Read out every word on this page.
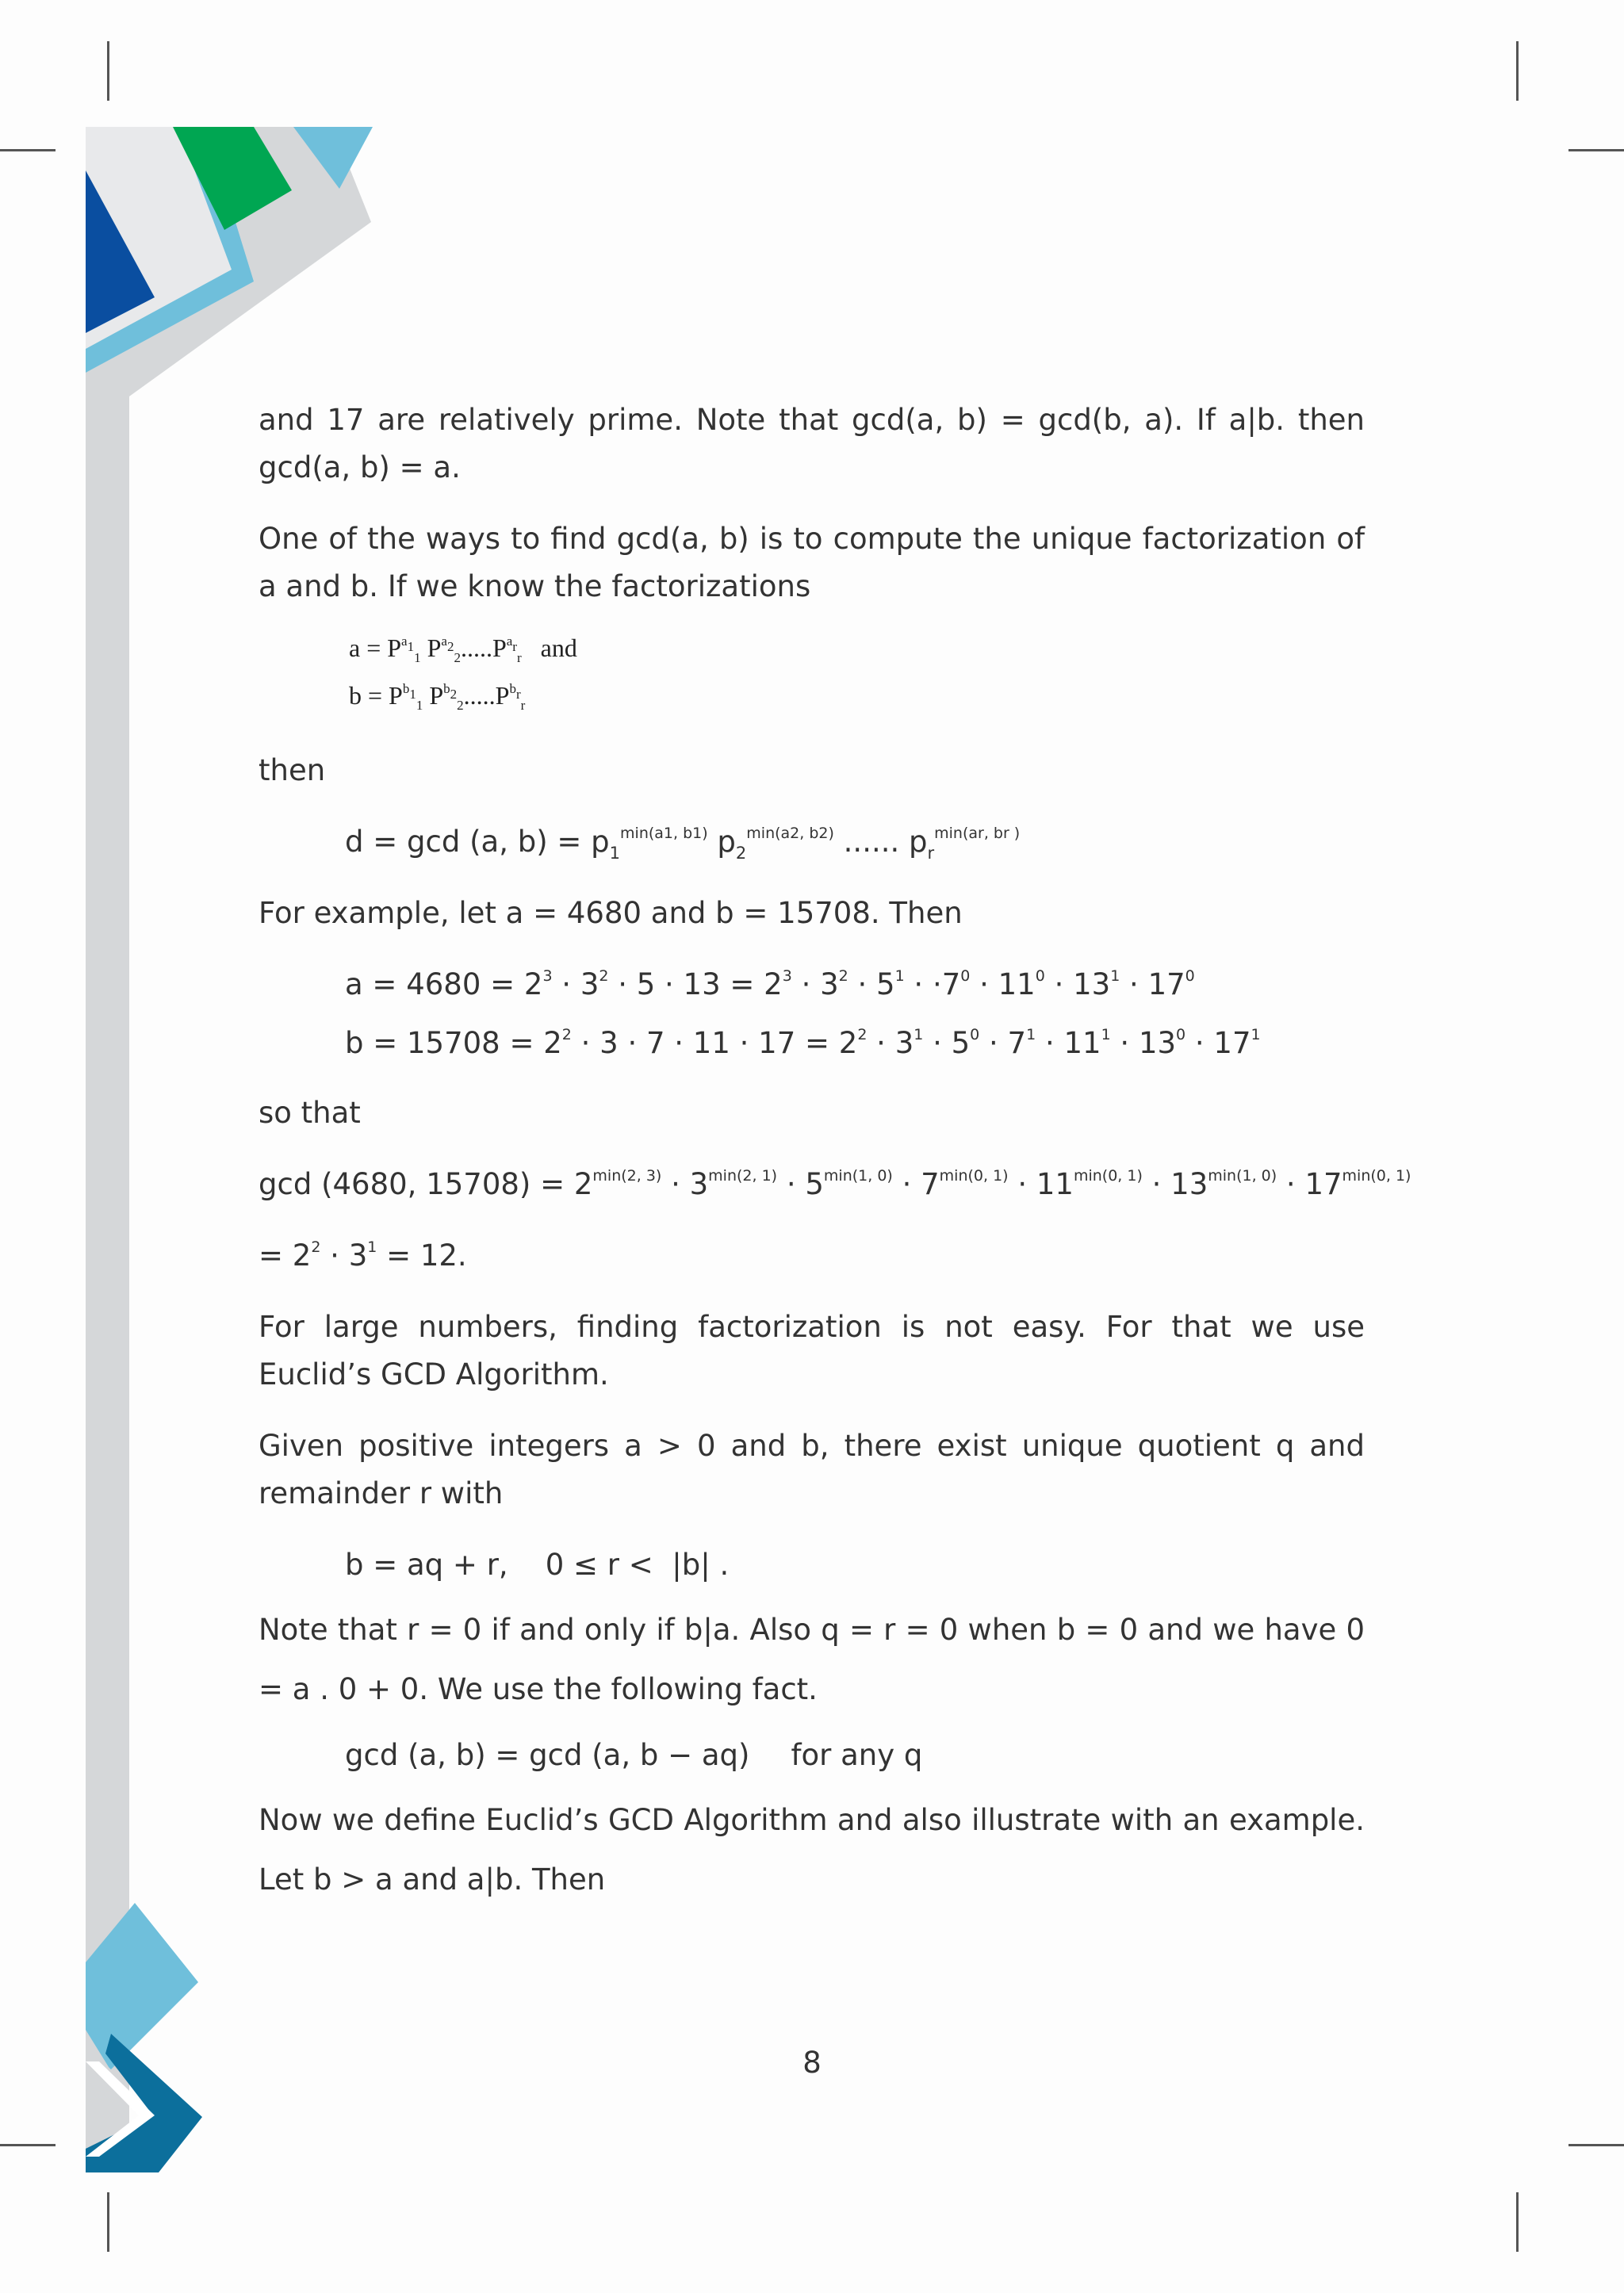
and 17 are relatively prime. Note that gcd(a, b) = gcd(b, a). If a|b. then gcd(a, b) = a.

One of the ways to find gcd(a, b) is to compute the unique factorization of a and b. If we know the factorizations

$a = P^{a_1}_1$ $P^{a_2}_2.....P^{a_r}_r$ and
$b = P^{b_1}_1$ $P^{b_2}_2.....P^{b_r}_r$

then

d = gcd (a, $b) = p_1^{min(a1, b1)}$ $p_2^{min(a2, b2)}$ ...... $p_r^{min(ar, br )}$

For example, let a = 4680 and b = 15708. Then

$a = 4680 = 2^3 \cdot 3^2 \cdot 5 \cdot 13 = 2^3 \cdot 3^2 \cdot 5^1 \cdot \cdot 7^0 \cdot 11^0 \cdot 13^1 \cdot 17^0$
$b = 15708 = 2^2 \cdot 3 \cdot 7 \cdot 11 \cdot 17 = 2^2 \cdot 3^1 \cdot 5^0 \cdot 7^1 \cdot 11^1 \cdot 13^0 \cdot 17^1$

so that

gcd (4680, $15708) = 2^{min(2, 3)} \cdot 3^{min(2, 1)} \cdot 5^{min(1, 0)} \cdot 7^{min(0, 1)} \cdot 11^{min(0, 1)} \cdot 13^{min(1, 0)} \cdot 17^{min(0, 1)}$
= $2^2 \cdot 3^1 = 12$.

For large numbers, finding factorization is not easy. For that we use Euclid’s GCD Algorithm.

Given positive integers a > 0 and b, there exist unique quotient q and remainder r with

b = aq + r,    0 ≤ r <  |b| .

Note that r = 0 if and only if b|a. Also q = r = 0 when b = 0 and we have 0 = a . 0 + 0. We use the following fact.

gcd (a, b) = gcd (a, b − aq) for any q

Now we define Euclid’s GCD Algorithm and also illustrate with an example. Let b > a and a|b. Then

8
